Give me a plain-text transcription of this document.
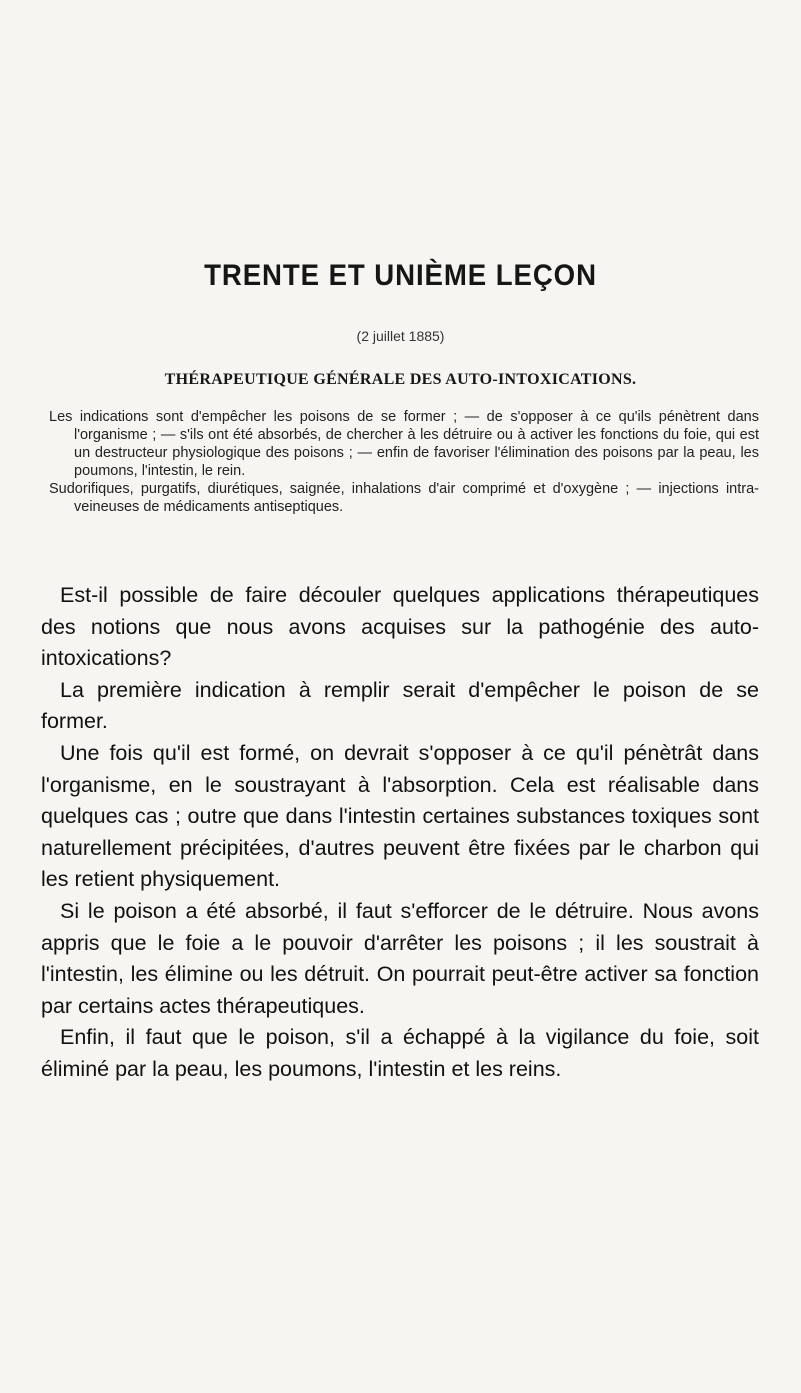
TRENTE ET UNIÈME LEÇON
(2 juillet 1885)
THÉRAPEUTIQUE GÉNÉRALE DES AUTO-INTOXICATIONS.

Les indications sont d'empêcher les poisons de se former ; — de s'opposer à ce qu'ils pénètrent dans l'organisme ; — s'ils ont été absorbés, de chercher à les détruire ou à activer les fonctions du foie, qui est un destructeur physiologique des poisons ; — enfin de favoriser l'élimination des poisons par la peau, les poumons, l'intestin, le rein.

Sudorifiques, purgatifs, diurétiques, saignée, inhalations d'air comprimé et d'oxygène ; — injections intra-veineuses de médicaments antiseptiques.

Est-il possible de faire découler quelques applications thérapeutiques des notions que nous avons acquises sur la pathogénie des auto-intoxications?

La première indication à remplir serait d'empêcher le poison de se former.

Une fois qu'il est formé, on devrait s'opposer à ce qu'il pénètrât dans l'organisme, en le soustrayant à l'absorption. Cela est réalisable dans quelques cas ; outre que dans l'intestin certaines substances toxiques sont naturellement précipitées, d'autres peuvent être fixées par le charbon qui les retient physiquement.

Si le poison a été absorbé, il faut s'efforcer de le détruire. Nous avons appris que le foie a le pouvoir d'arrêter les poisons ; il les soustrait à l'intestin, les élimine ou les détruit. On pourrait peut-être activer sa fonction par certains actes thérapeutiques.

Enfin, il faut que le poison, s'il a échappé à la vigilance du foie, soit éliminé par la peau, les poumons, l'intestin et les reins.
